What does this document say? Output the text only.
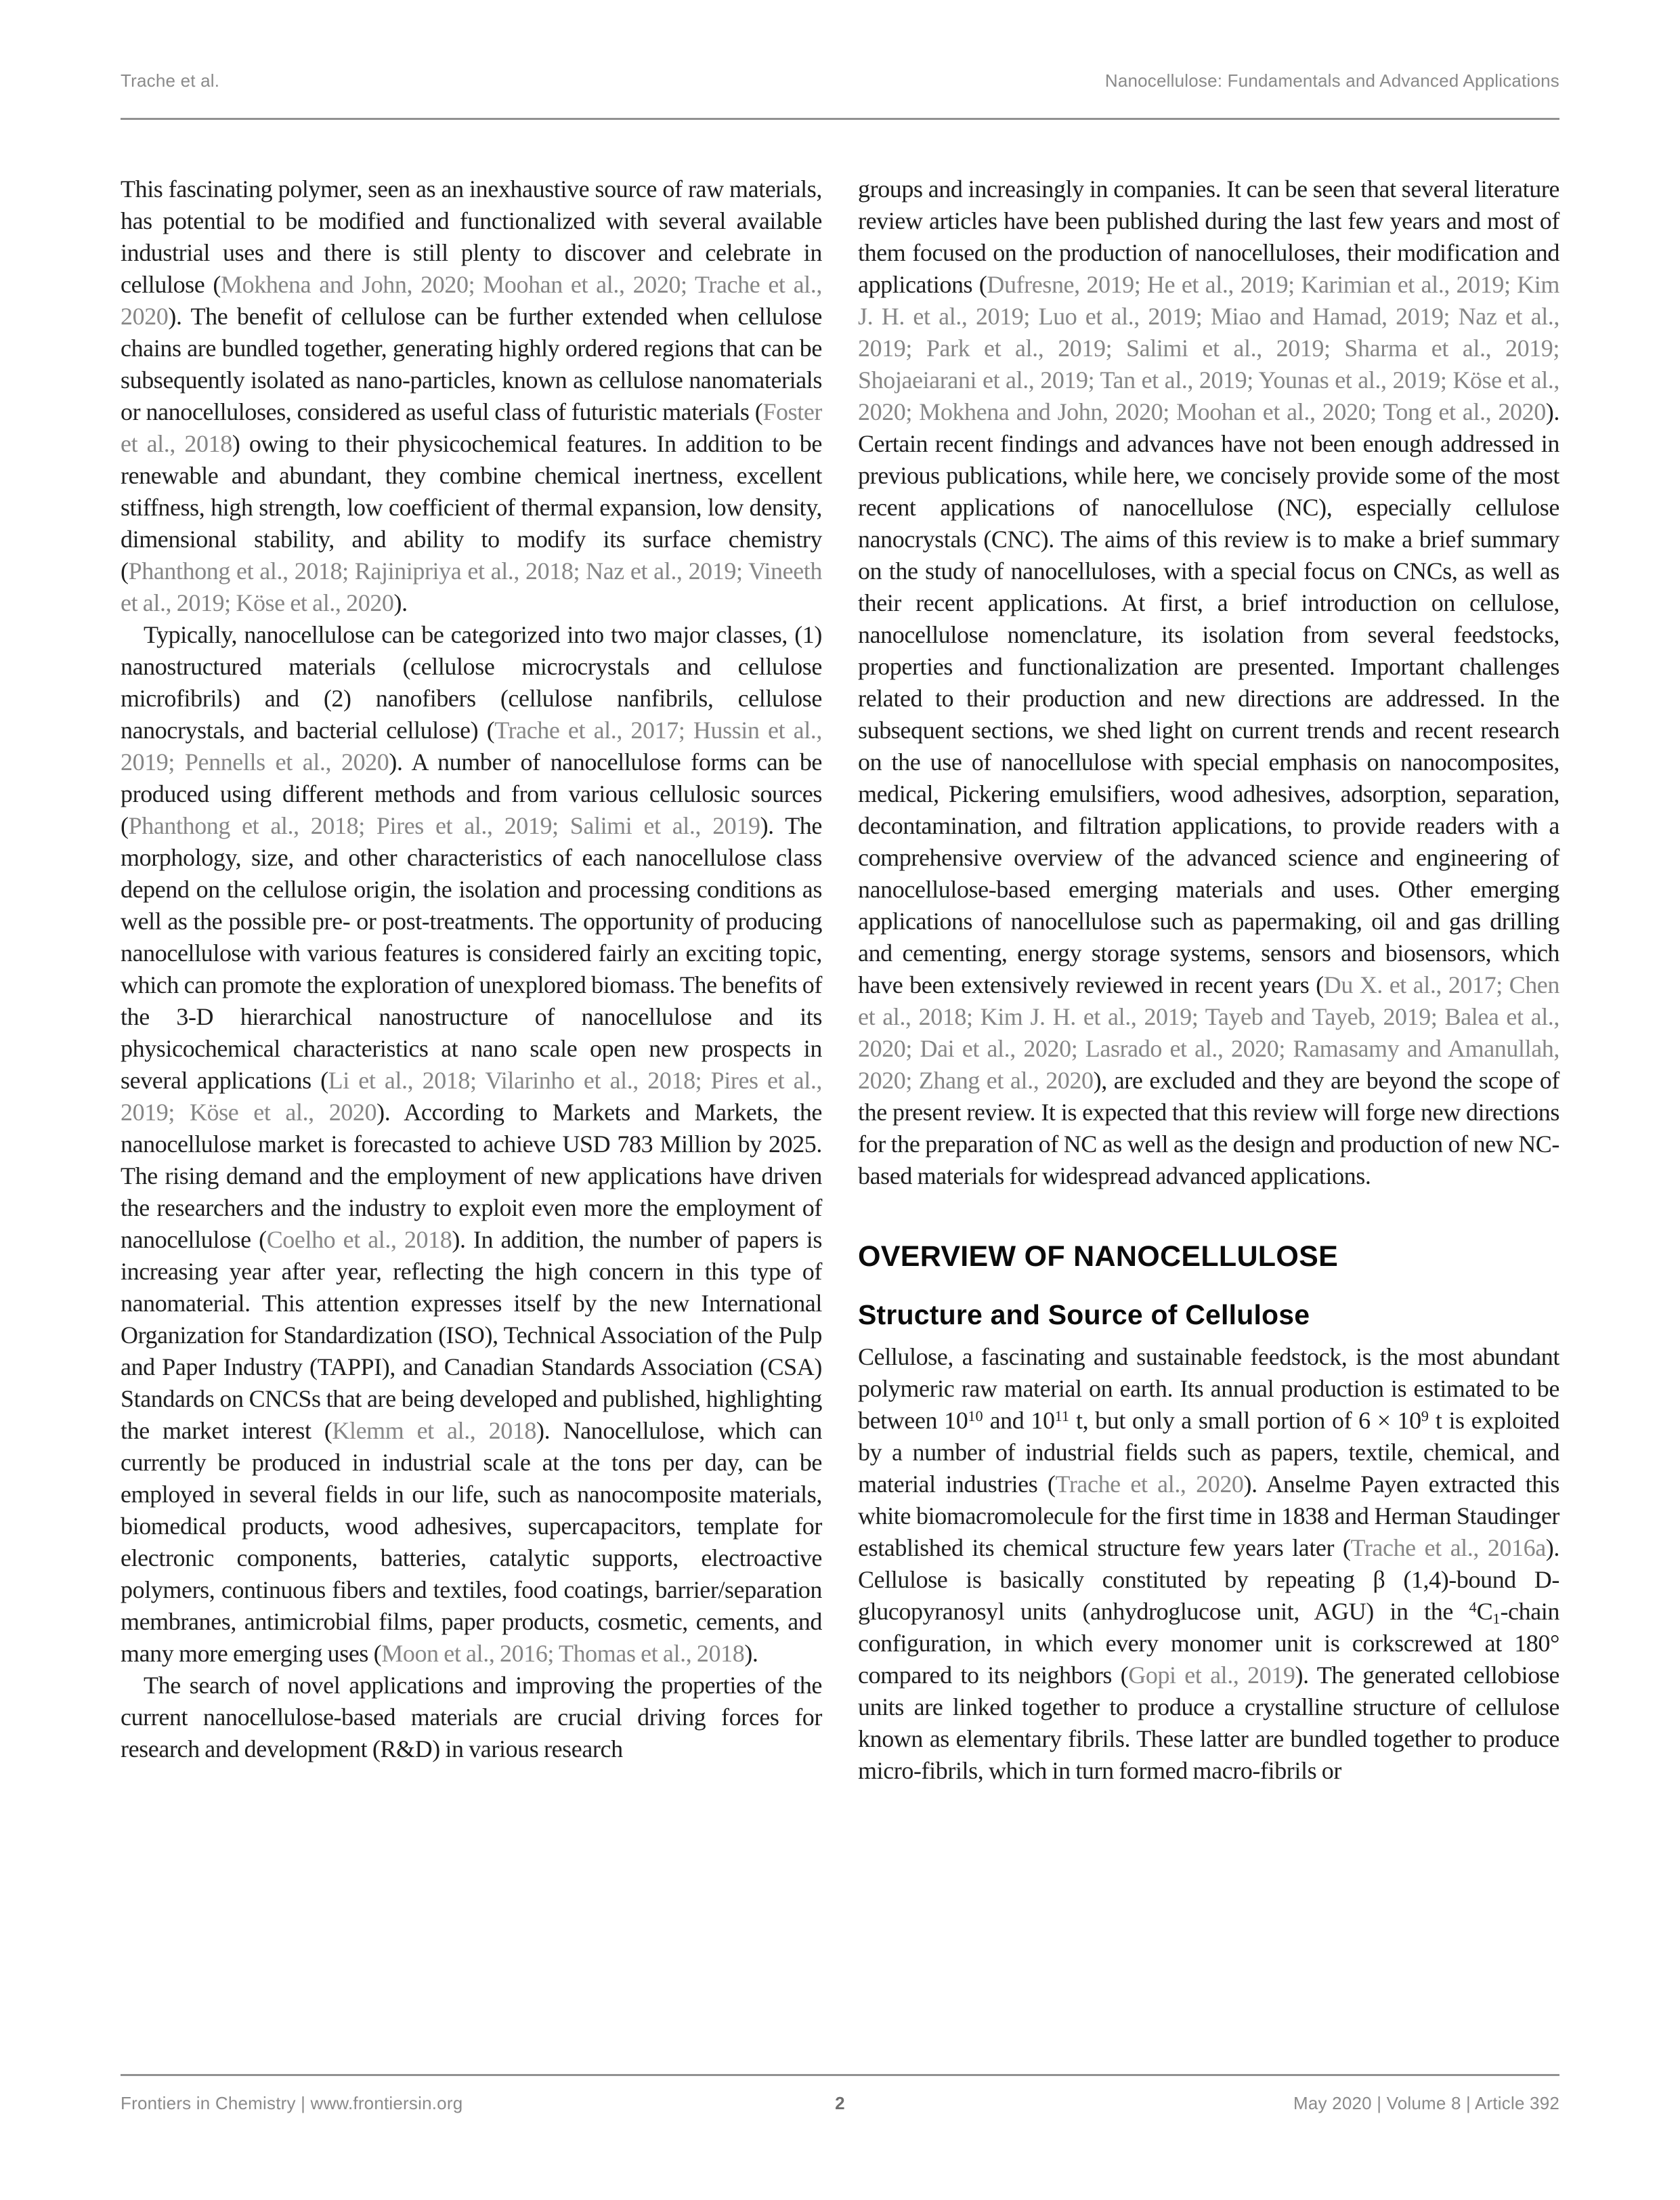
Trache et al.	Nanocellulose: Fundamentals and Advanced Applications

This fascinating polymer, seen as an inexhaustive source of raw materials, has potential to be modified and functionalized with several available industrial uses and there is still plenty to discover and celebrate in cellulose (Mokhena and John, 2020; Moohan et al., 2020; Trache et al., 2020). The benefit of cellulose can be further extended when cellulose chains are bundled together, generating highly ordered regions that can be subsequently isolated as nano-particles, known as cellulose nanomaterials or nanocelluloses, considered as useful class of futuristic materials (Foster et al., 2018) owing to their physicochemical features. In addition to be renewable and abundant, they combine chemical inertness, excellent stiffness, high strength, low coefficient of thermal expansion, low density, dimensional stability, and ability to modify its surface chemistry (Phanthong et al., 2018; Rajinipriya et al., 2018; Naz et al., 2019; Vineeth et al., 2019; Köse et al., 2020).

Typically, nanocellulose can be categorized into two major classes, (1) nanostructured materials (cellulose microcrystals and cellulose microfibrils) and (2) nanofibers (cellulose nanfibrils, cellulose nanocrystals, and bacterial cellulose) (Trache et al., 2017; Hussin et al., 2019; Pennells et al., 2020). A number of nanocellulose forms can be produced using different methods and from various cellulosic sources (Phanthong et al., 2018; Pires et al., 2019; Salimi et al., 2019). The morphology, size, and other characteristics of each nanocellulose class depend on the cellulose origin, the isolation and processing conditions as well as the possible pre- or post-treatments. The opportunity of producing nanocellulose with various features is considered fairly an exciting topic, which can promote the exploration of unexplored biomass. The benefits of the 3-D hierarchical nanostructure of nanocellulose and its physicochemical characteristics at nano scale open new prospects in several applications (Li et al., 2018; Vilarinho et al., 2018; Pires et al., 2019; Köse et al., 2020). According to Markets and Markets, the nanocellulose market is forecasted to achieve USD 783 Million by 2025. The rising demand and the employment of new applications have driven the researchers and the industry to exploit even more the employment of nanocellulose (Coelho et al., 2018). In addition, the number of papers is increasing year after year, reflecting the high concern in this type of nanomaterial. This attention expresses itself by the new International Organization for Standardization (ISO), Technical Association of the Pulp and Paper Industry (TAPPI), and Canadian Standards Association (CSA) Standards on CNCSs that are being developed and published, highlighting the market interest (Klemm et al., 2018). Nanocellulose, which can currently be produced in industrial scale at the tons per day, can be employed in several fields in our life, such as nanocomposite materials, biomedical products, wood adhesives, supercapacitors, template for electronic components, batteries, catalytic supports, electroactive polymers, continuous fibers and textiles, food coatings, barrier/separation membranes, antimicrobial films, paper products, cosmetic, cements, and many more emerging uses (Moon et al., 2016; Thomas et al., 2018).

The search of novel applications and improving the properties of the current nanocellulose-based materials are crucial driving forces for research and development (R&D) in various research

groups and increasingly in companies. It can be seen that several literature review articles have been published during the last few years and most of them focused on the production of nanocelluloses, their modification and applications (Dufresne, 2019; He et al., 2019; Karimian et al., 2019; Kim J. H. et al., 2019; Luo et al., 2019; Miao and Hamad, 2019; Naz et al., 2019; Park et al., 2019; Salimi et al., 2019; Sharma et al., 2019; Shojaeiarani et al., 2019; Tan et al., 2019; Younas et al., 2019; Köse et al., 2020; Mokhena and John, 2020; Moohan et al., 2020; Tong et al., 2020). Certain recent findings and advances have not been enough addressed in previous publications, while here, we concisely provide some of the most recent applications of nanocellulose (NC), especially cellulose nanocrystals (CNC). The aims of this review is to make a brief summary on the study of nanocelluloses, with a special focus on CNCs, as well as their recent applications. At first, a brief introduction on cellulose, nanocellulose nomenclature, its isolation from several feedstocks, properties and functionalization are presented. Important challenges related to their production and new directions are addressed. In the subsequent sections, we shed light on current trends and recent research on the use of nanocellulose with special emphasis on nanocomposites, medical, Pickering emulsifiers, wood adhesives, adsorption, separation, decontamination, and filtration applications, to provide readers with a comprehensive overview of the advanced science and engineering of nanocellulose-based emerging materials and uses. Other emerging applications of nanocellulose such as papermaking, oil and gas drilling and cementing, energy storage systems, sensors and biosensors, which have been extensively reviewed in recent years (Du X. et al., 2017; Chen et al., 2018; Kim J. H. et al., 2019; Tayeb and Tayeb, 2019; Balea et al., 2020; Dai et al., 2020; Lasrado et al., 2020; Ramasamy and Amanullah, 2020; Zhang et al., 2020), are excluded and they are beyond the scope of the present review. It is expected that this review will forge new directions for the preparation of NC as well as the design and production of new NC-based materials for widespread advanced applications.

OVERVIEW OF NANOCELLULOSE
Structure and Source of Cellulose

Cellulose, a fascinating and sustainable feedstock, is the most abundant polymeric raw material on earth. Its annual production is estimated to be between $10^{10}$ and $10^{11}$ t, but only a small portion of $6 \times 10^9$ t is exploited by a number of industrial fields such as papers, textile, chemical, and material industries (Trache et al., 2020). Anselme Payen extracted this white biomacromolecule for the first time in 1838 and Herman Staudinger established its chemical structure few years later (Trache et al., 2016a). Cellulose is basically constituted by repeating β (1,4)-bound D-glucopyranosyl units (anhydroglucose unit, AGU) in the $^4C_1$-chain configuration, in which every monomer unit is corkscrewed at 180° compared to its neighbors (Gopi et al., 2019). The generated cellobiose units are linked together to produce a crystalline structure of cellulose known as elementary fibrils. These latter are bundled together to produce micro-fibrils, which in turn formed macro-fibrils or

Frontiers in Chemistry | www.frontiersin.org	2	May 2020 | Volume 8 | Article 392
